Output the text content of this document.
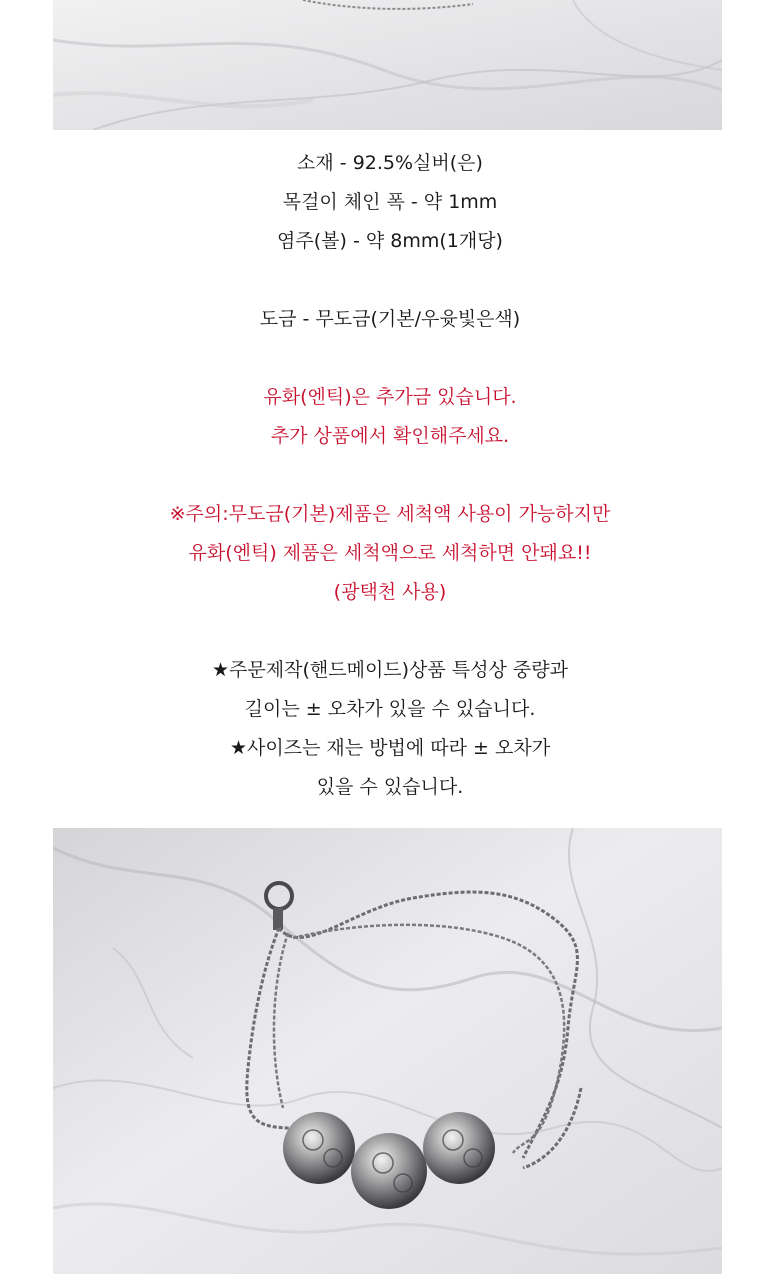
소재 - 92.5%실버(은)
목걸이 체인 폭 - 약 1mm
염주(볼) - 약 8mm(1개당)
도금 - 무도금(기본/우윳빛은색)
유화(엔틱)은 추가금 있습니다.
추가 상품에서 확인해주세요.
※주의:무도금(기본)제품은 세척액 사용이 가능하지만
유화(엔틱) 제품은 세척액으로 세척하면 안돼요!!
(광택천 사용)
★주문제작(핸드메이드)상품 특성상 중량과
길이는 ± 오차가 있을 수 있습니다.
★사이즈는 재는 방법에 따라 ± 오차가
있을 수 있습니다.
